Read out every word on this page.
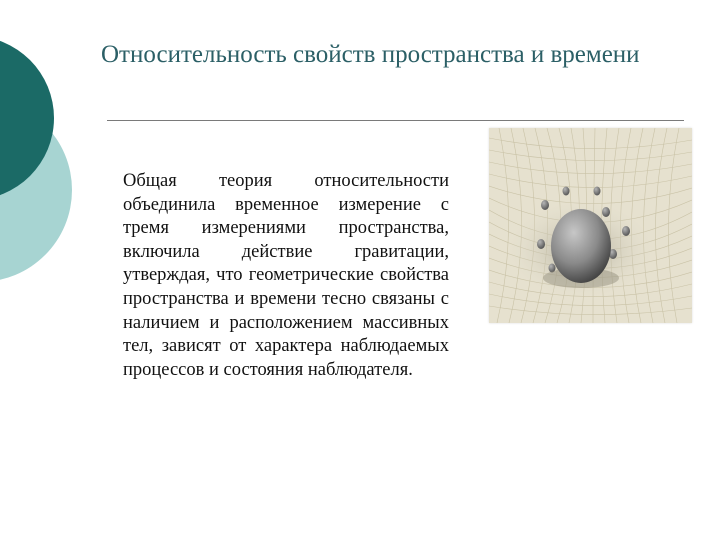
Относительность свойств пространства и времени

Общая теория относительности объединила временное измерение с тремя измерениями пространства, включила действие гравитации, утверждая, что геометрические свойства пространства и времени тесно связаны с наличием и расположением массивных тел, зависят от характера наблюдаемых процессов и состояния наблюдателя.
